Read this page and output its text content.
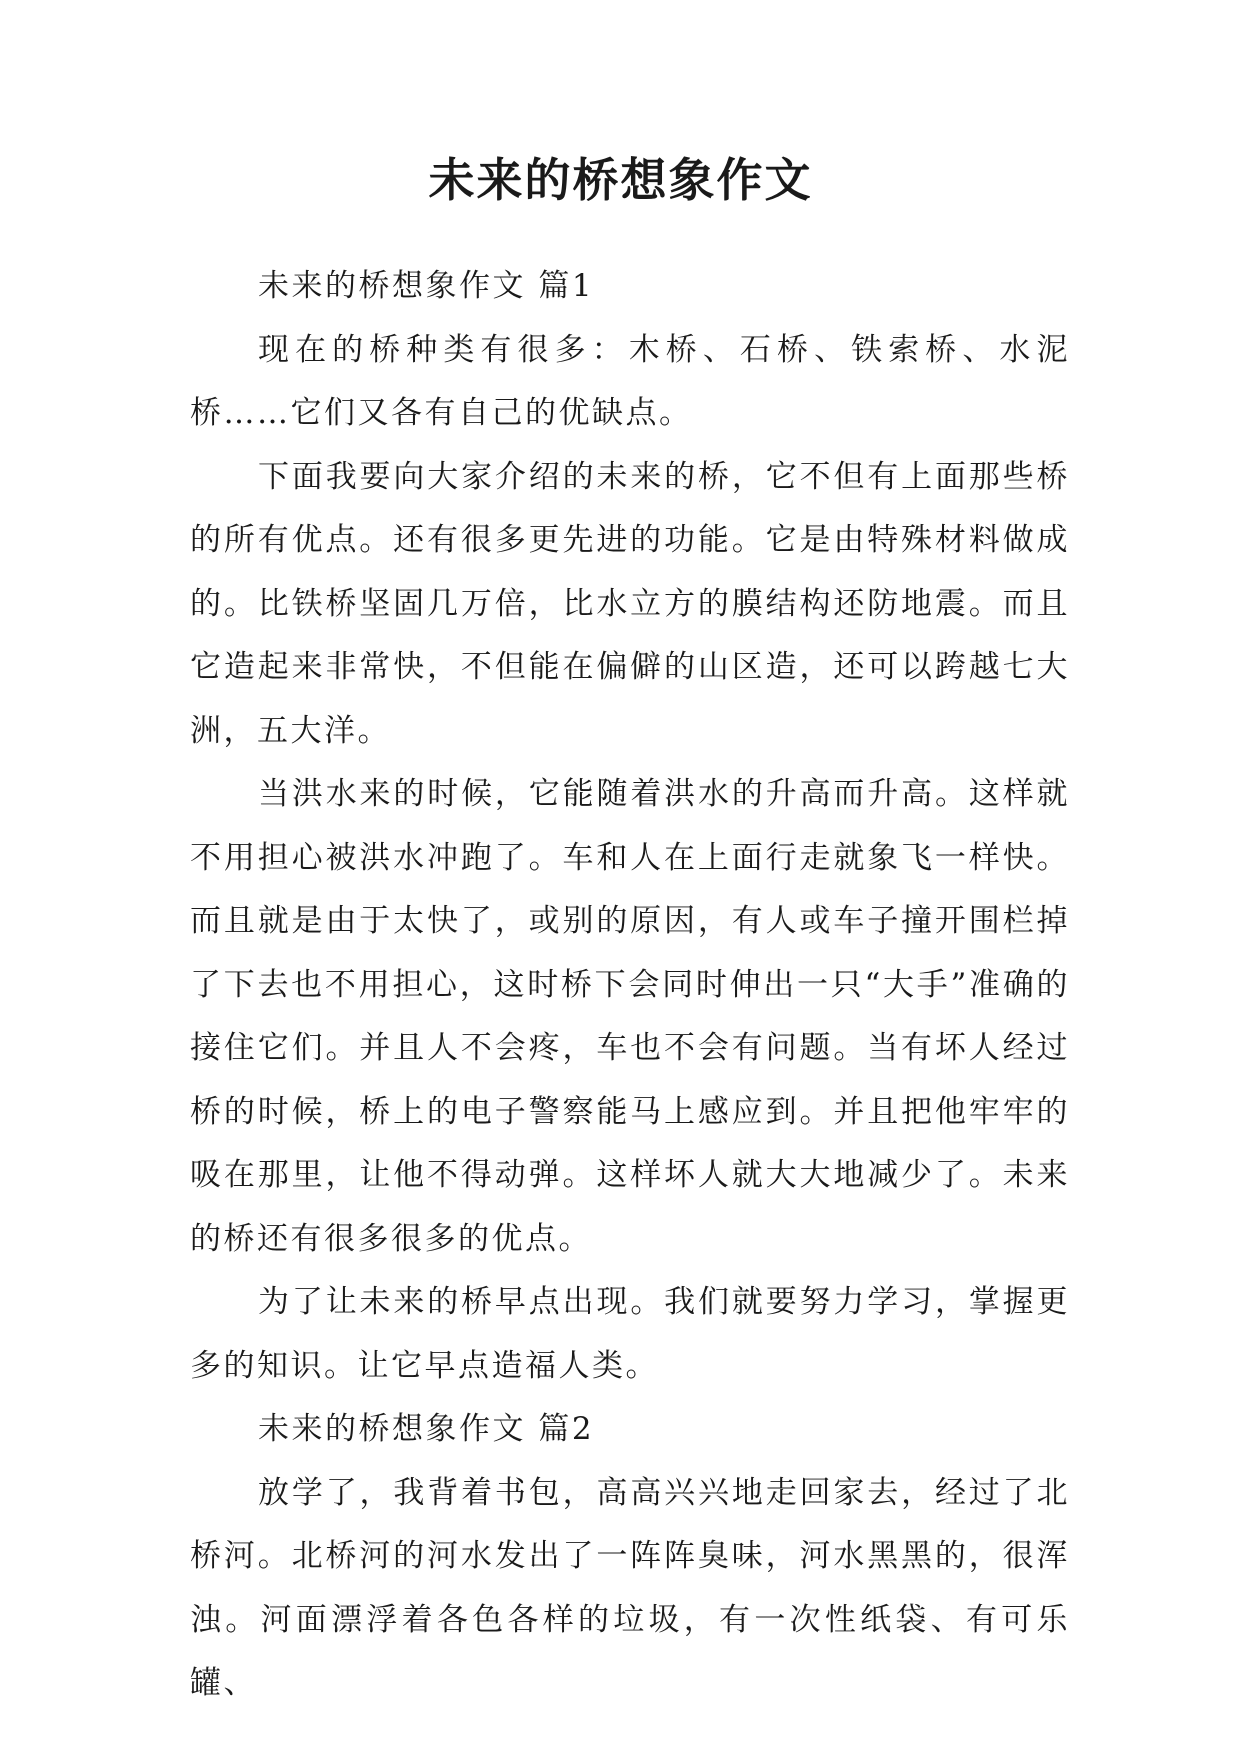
未来的桥想象作文

未来的桥想象作文 篇1

现在的桥种类有很多：木桥、石桥、铁索桥、水泥桥……它们又各有自己的优缺点。

下面我要向大家介绍的未来的桥，它不但有上面那些桥的所有优点。还有很多更先进的功能。它是由特殊材料做成的。比铁桥坚固几万倍，比水立方的膜结构还防地震。而且它造起来非常快，不但能在偏僻的山区造，还可以跨越七大洲，五大洋。

当洪水来的时候，它能随着洪水的升高而升高。这样就不用担心被洪水冲跑了。车和人在上面行走就象飞一样快。而且就是由于太快了，或别的原因，有人或车子撞开围栏掉了下去也不用担心，这时桥下会同时伸出一只“大手”准确的接住它们。并且人不会疼，车也不会有问题。当有坏人经过桥的时候，桥上的电子警察能马上感应到。并且把他牢牢的吸在那里，让他不得动弹。这样坏人就大大地减少了。未来的桥还有很多很多的优点。

为了让未来的桥早点出现。我们就要努力学习，掌握更多的知识。让它早点造福人类。

未来的桥想象作文 篇2

放学了，我背着书包，高高兴兴地走回家去，经过了北桥河。北桥河的河水发出了一阵阵臭味，河水黑黑的，很浑浊。河面漂浮着各色各样的垃圾，有一次性纸袋、有可乐罐、
